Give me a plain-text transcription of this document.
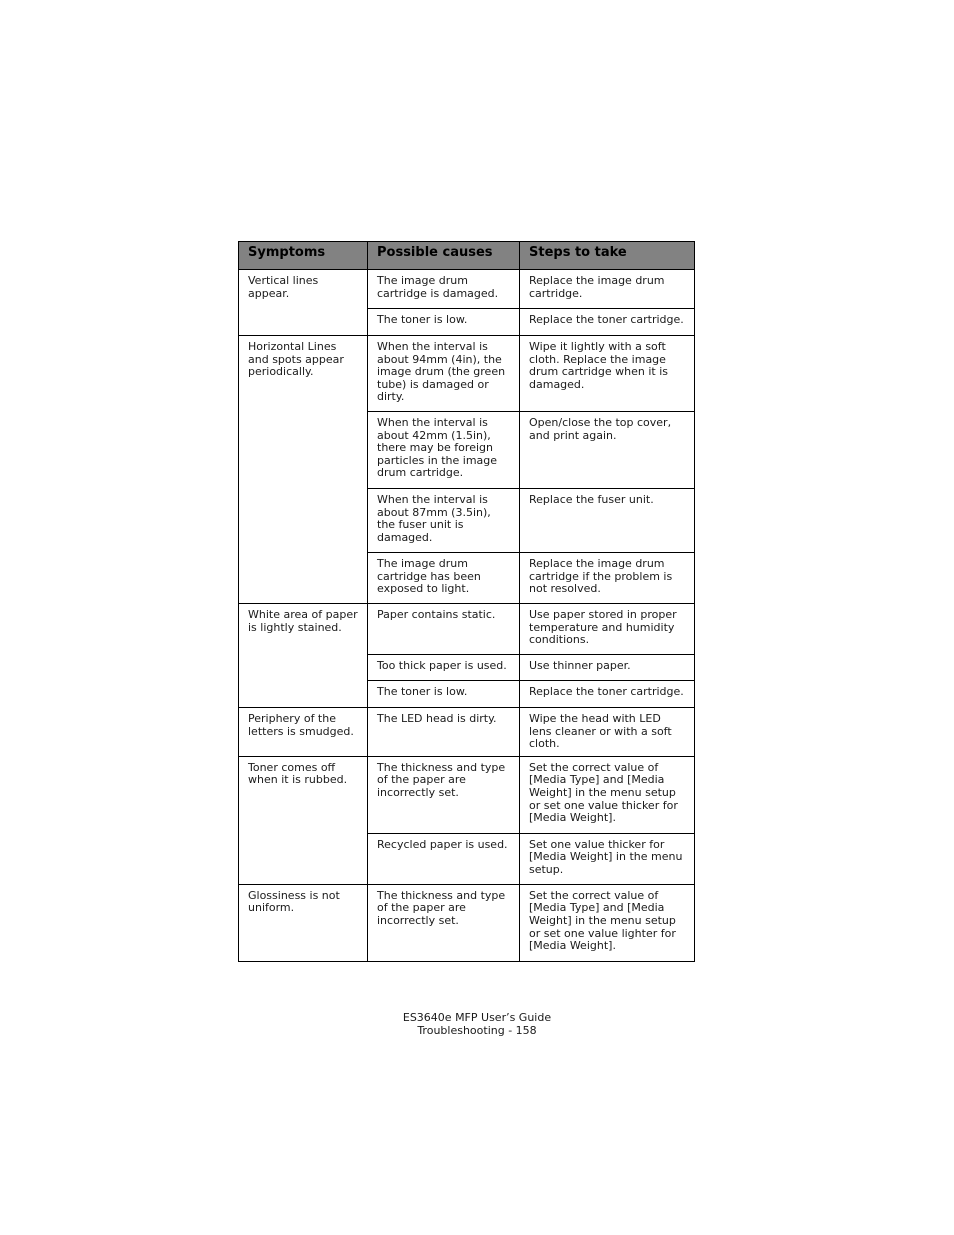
Symptoms	Possible causes	Steps to take
Vertical lines appear.	The image drum cartridge is damaged.	Replace the image drum cartridge.
	The toner is low.	Replace the toner cartridge.
Horizontal Lines and spots appear periodically.	When the interval is about 94mm (4in), the image drum (the green tube) is damaged or dirty.	Wipe it lightly with a soft cloth. Replace the image drum cartridge when it is damaged.
	When the interval is about 42mm (1.5in), there may be foreign particles in the image drum cartridge.	Open/close the top cover, and print again.
	When the interval is about 87mm (3.5in), the fuser unit is damaged.	Replace the fuser unit.
	The image drum cartridge has been exposed to light.	Replace the image drum cartridge if the problem is not resolved.
White area of paper is lightly stained.	Paper contains static.	Use paper stored in proper temperature and humidity conditions.
	Too thick paper is used.	Use thinner paper.
	The toner is low.	Replace the toner cartridge.
Periphery of the letters is smudged.	The LED head is dirty.	Wipe the head with LED lens cleaner or with a soft cloth.
Toner comes off when it is rubbed.	The thickness and type of the paper are incorrectly set.	Set the correct value of [Media Type] and [Media Weight] in the menu setup or set one value thicker for [Media Weight].
	Recycled paper is used.	Set one value thicker for [Media Weight] in the menu setup.
Glossiness is not uniform.	The thickness and type of the paper are incorrectly set.	Set the correct value of [Media Type] and [Media Weight] in the menu setup or set one value lighter for [Media Weight].
ES3640e MFP User’s Guide
Troubleshooting - 158
